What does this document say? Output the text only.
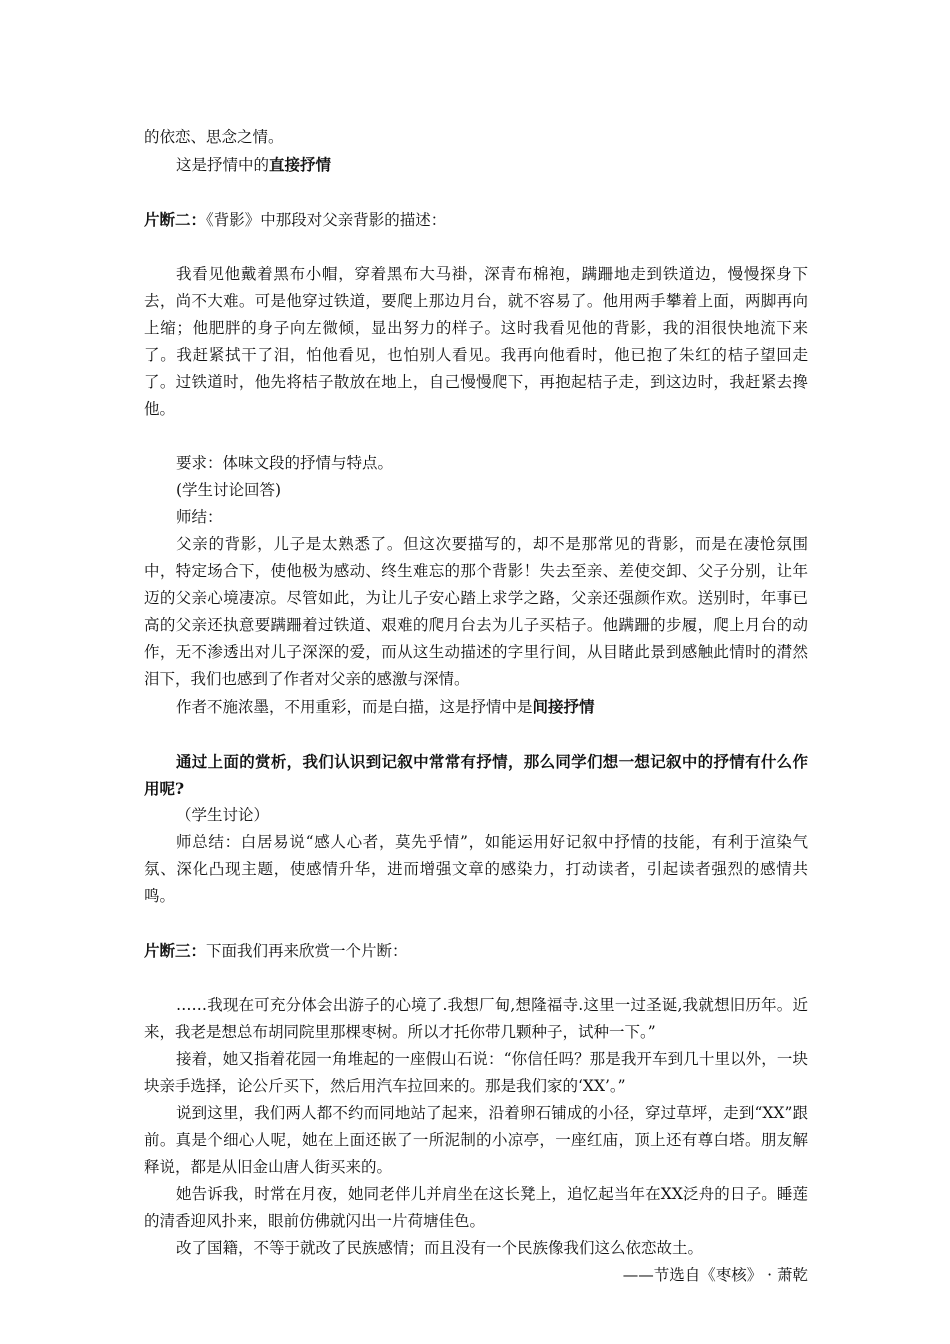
的依恋、思念之情。

这是抒情中的直接抒情

片断二：《背影》中那段对父亲背影的描述：

我看见他戴着黑布小帽，穿着黑布大马褂，深青布棉袍，蹒跚地走到铁道边，慢慢探身下去，尚不大难。可是他穿过铁道，要爬上那边月台，就不容易了。他用两手攀着上面，两脚再向上缩；他肥胖的身子向左微倾，显出努力的样子。这时我看见他的背影，我的泪很快地流下来了。我赶紧拭干了泪，怕他看见，也怕别人看见。我再向他看时，他已抱了朱红的桔子望回走了。过铁道时，他先将桔子散放在地上，自己慢慢爬下，再抱起桔子走，到这边时，我赶紧去搀他。

要求：体味文段的抒情与特点。

(学生讨论回答)

师结：

父亲的背影，儿子是太熟悉了。但这次要描写的，却不是那常见的背影，而是在凄怆氛围中，特定场合下，使他极为感动、终生难忘的那个背影！失去至亲、差使交卸、父子分别，让年迈的父亲心境凄凉。尽管如此，为让儿子安心踏上求学之路，父亲还强颜作欢。送别时，年事已高的父亲还执意要蹒跚着过铁道、艰难的爬月台去为儿子买桔子。他蹒跚的步履，爬上月台的动作，无不渗透出对儿子深深的爱，而从这生动描述的字里行间，从目睹此景到感触此情时的潸然泪下，我们也感到了作者对父亲的感激与深情。

作者不施浓墨，不用重彩，而是白描，这是抒情中是间接抒情

通过上面的赏析，我们认识到记叙中常常有抒情，那么同学们想一想记叙中的抒情有什么作用呢?

（学生讨论）

师总结：白居易说“感人心者，莫先乎情”，如能运用好记叙中抒情的技能，有利于渲染气氛、深化凸现主题，使感情升华，进而增强文章的感染力，打动读者，引起读者强烈的感情共鸣。

片断三：下面我们再来欣赏一个片断：

……我现在可充分体会出游子的心境了.我想厂甸,想隆福寺.这里一过圣诞,我就想旧历年。近来，我老是想总布胡同院里那棵枣树。所以才托你带几颗种子，试种一下。”

接着，她又指着花园一角堆起的一座假山石说：“你信任吗？那是我开车到几十里以外，一块块亲手选择，论公斤买下，然后用汽车拉回来的。那是我们家的‘XX’。”

说到这里，我们两人都不约而同地站了起来，沿着卵石铺成的小径，穿过草坪，走到“XX”跟前。真是个细心人呢，她在上面还嵌了一所泥制的小凉亭，一座红庙，顶上还有尊白塔。朋友解释说，都是从旧金山唐人街买来的。

她告诉我，时常在月夜，她同老伴儿并肩坐在这长凳上，追忆起当年在XX泛舟的日子。睡莲的清香迎风扑来，眼前仿佛就闪出一片荷塘佳色。

改了国籍，不等于就改了民族感情；而且没有一个民族像我们这么依恋故土。

——节选自《枣核》 · 萧乾
